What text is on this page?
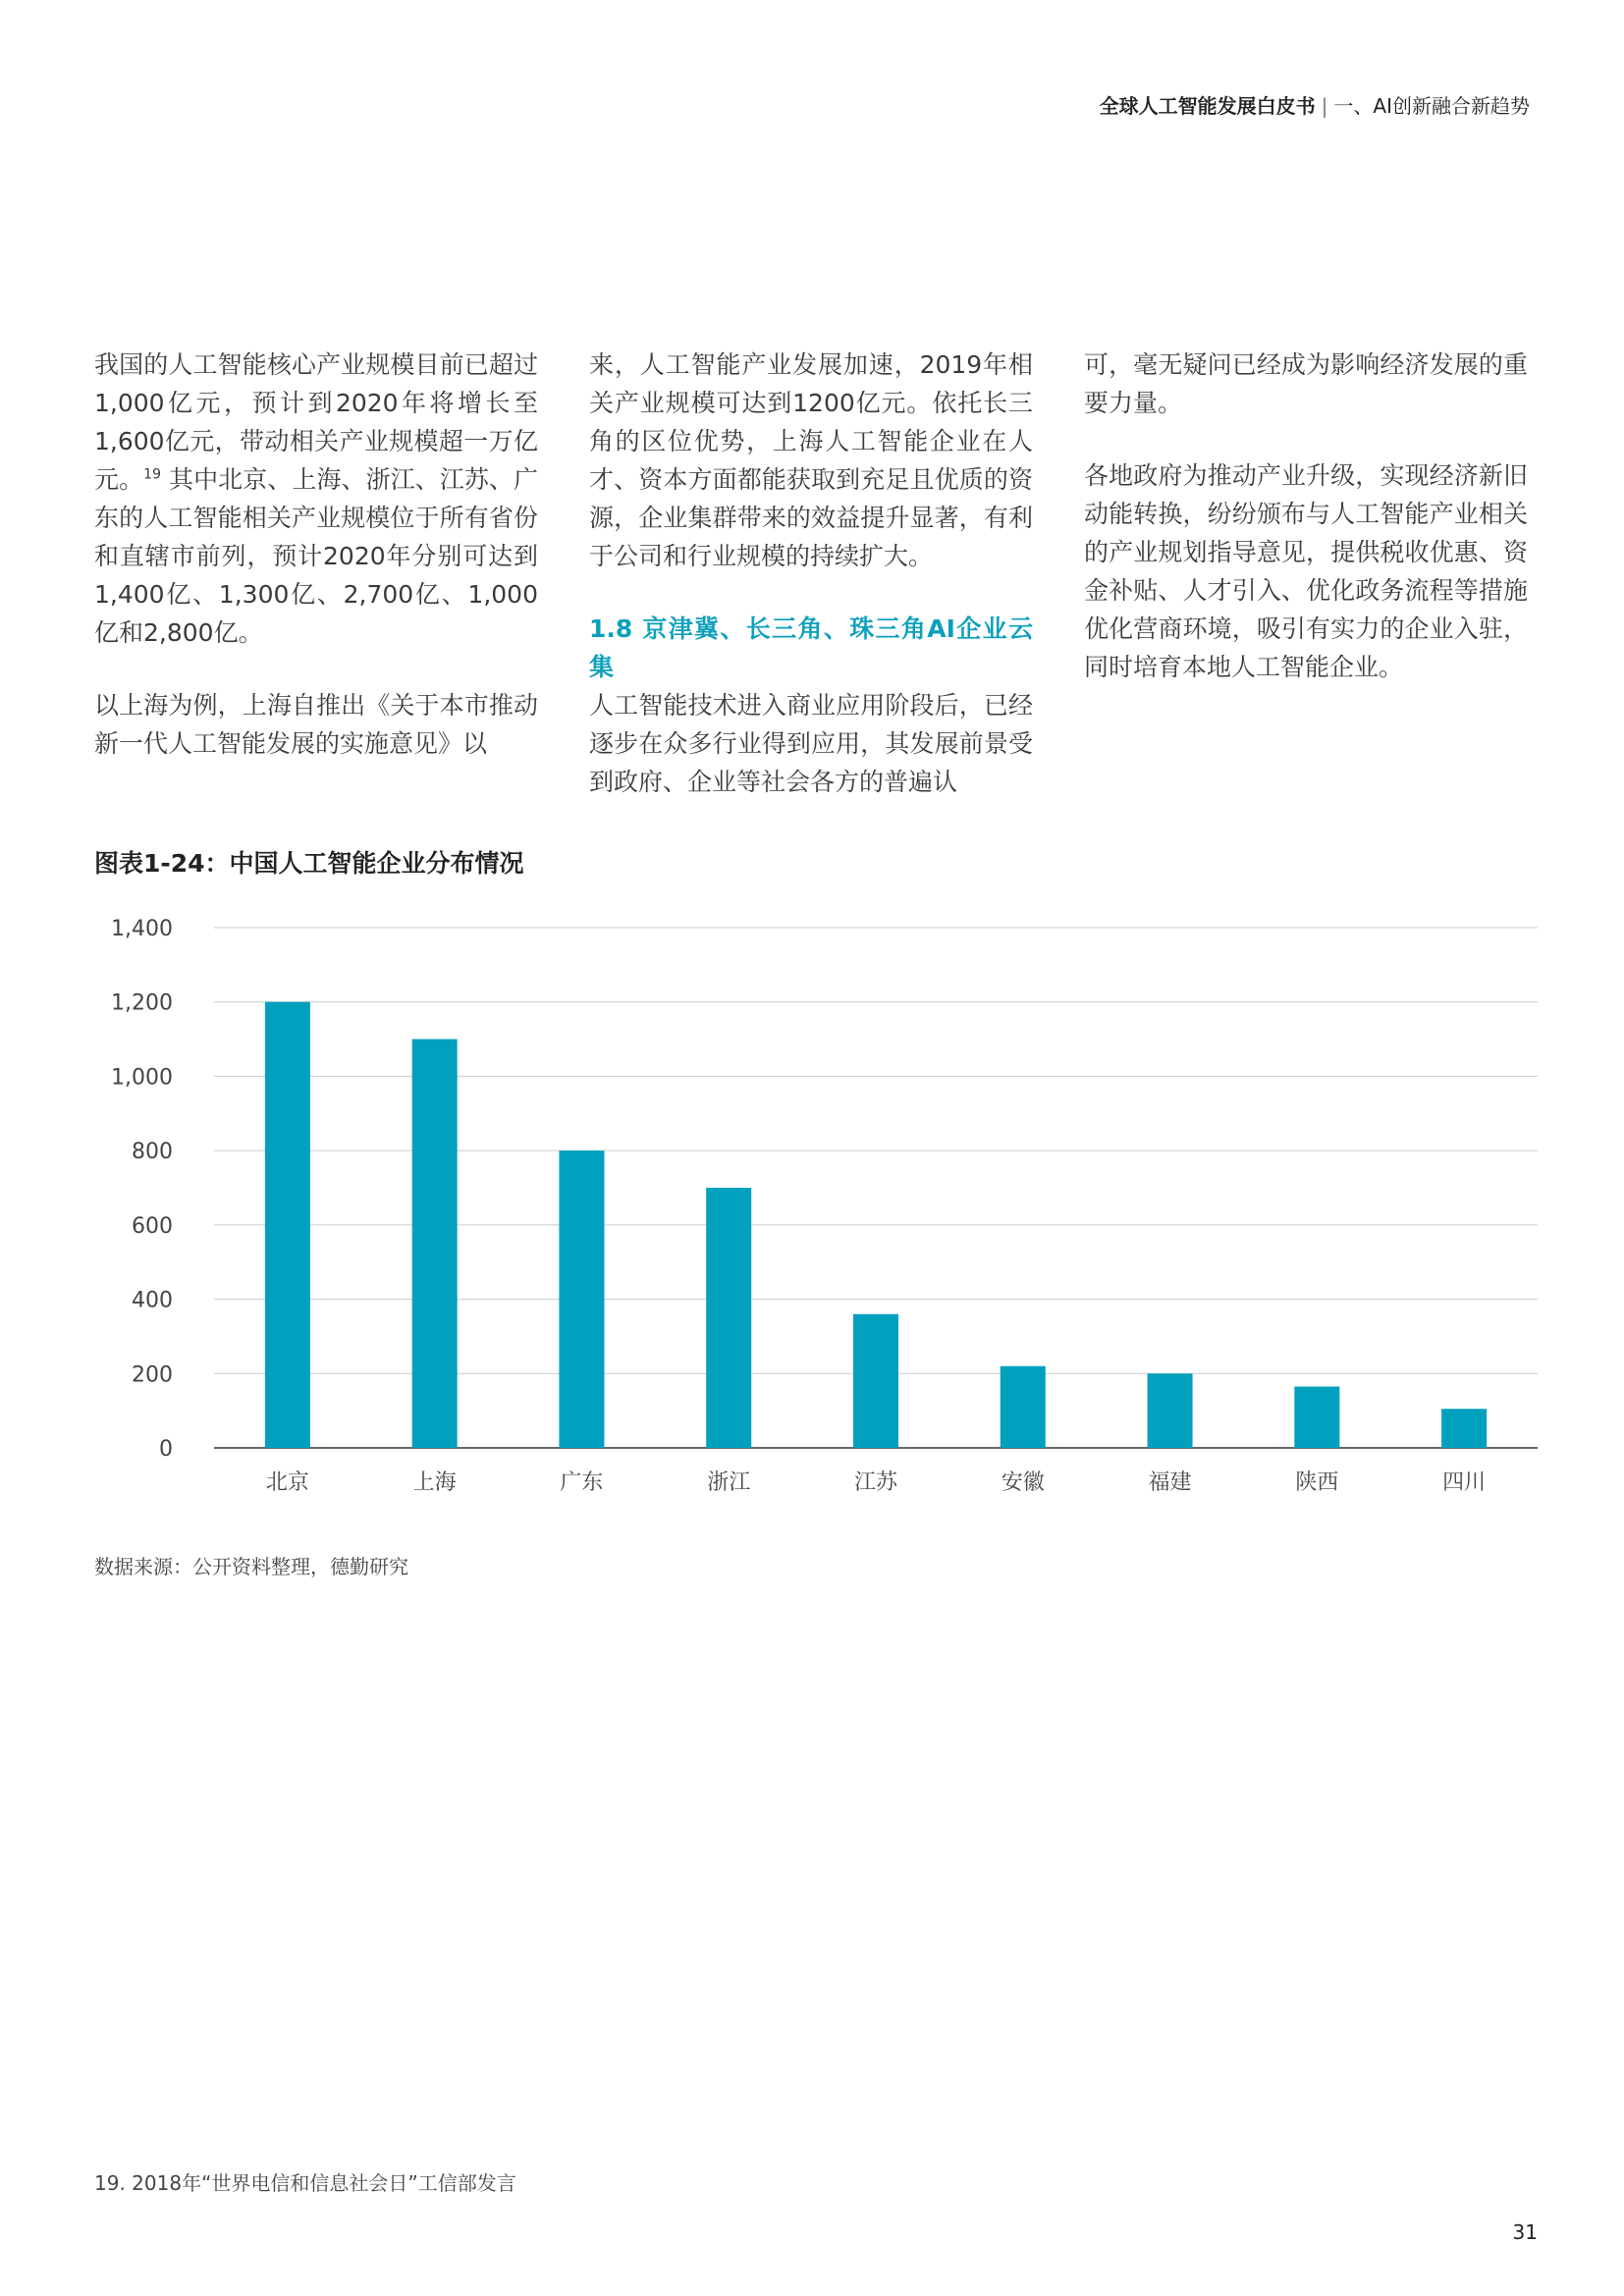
全球人工智能发展白皮书 | 一、AI创新融合新趋势

我国的人工智能核心产业规模目前已超过1,000亿元，预计到2020年将增长至1,600亿元，带动相关产业规模超一万亿元。$^{19}$ 其中北京、上海、浙江、江苏、广东的人工智能相关产业规模位于所有省份和直辖市前列，预计2020年分别可达到1,400亿、1,300亿、2,700亿、1,000亿和2,800亿。

以上海为例，上海自推出《关于本市推动新一代人工智能发展的实施意见》以

来，人工智能产业发展加速，2019年相关产业规模可达到1200亿元。依托长三角的区位优势，上海人工智能企业在人才、资本方面都能获取到充足且优质的资源，企业集群带来的效益提升显著，有利于公司和行业规模的持续扩大。

1.8 京津冀、长三角、珠三角AI企业云集

人工智能技术进入商业应用阶段后，已经逐步在众多行业得到应用，其发展前景受到政府、企业等社会各方的普遍认

可，毫无疑问已经成为影响经济发展的重要力量。

各地政府为推动产业升级，实现经济新旧动能转换，纷纷颁布与人工智能产业相关的产业规划指导意见，提供税收优惠、资金补贴、人才引入、优化政务流程等措施优化营商环境，吸引有实力的企业入驻，同时培育本地人工智能企业。

图表1-24：中国人工智能企业分布情况

0
200
400
600
800
1,000
1,200
1,400
北京	上海	广东	浙江	江苏	安徽	福建	陕西	四川
数据来源：公开资料整理，德勤研究
19. 2018年“世界电信和信息社会日”工信部发言
31
